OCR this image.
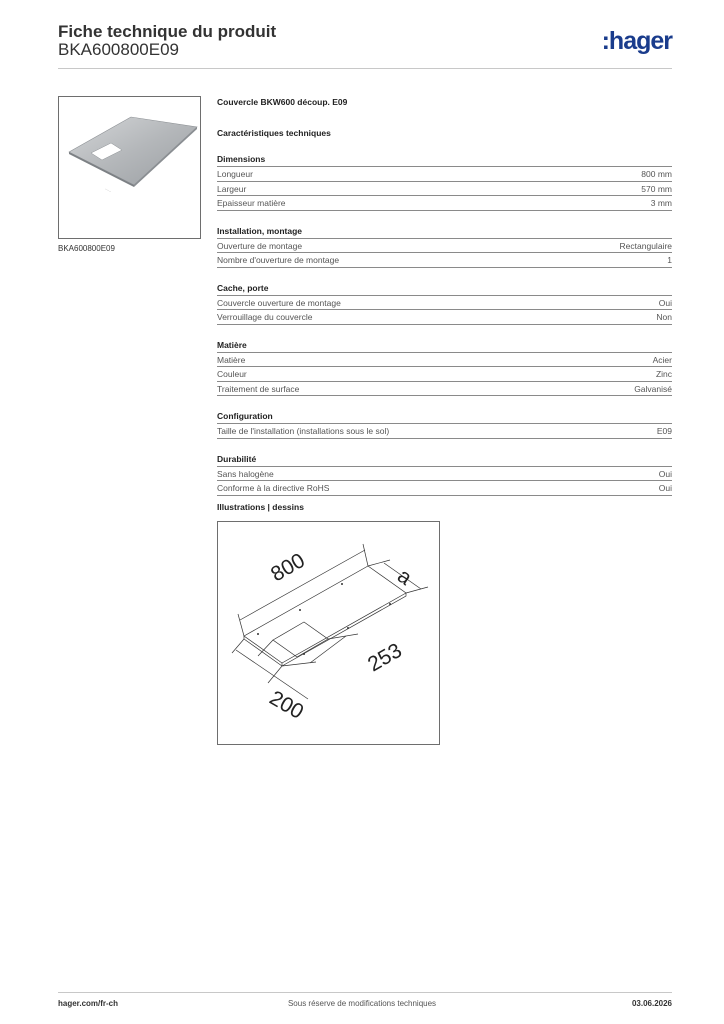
Fiche technique du produit
BKA600800E09	:hager
......
BKA600800E09
Couvercle BKW600 découp. E09
Caractéristiques techniques
Dimensions
Longueur	800 mm
Largeur	570 mm
Epaisseur matière	3 mm
Installation, montage
Ouverture de montage	Rectangulaire
Nombre d'ouverture de montage	1
Cache, porte
Couvercle ouverture de montage	Oui
Verrouillage du couvercle	Non
Matière
Matière	Acier
Couleur	Zinc
Traitement de surface	Galvanisé
Configuration
Taille de l'installation (installations sous le sol)	E09
Durabilité
Sans halogène	Oui
Conforme à la directive RoHS	Oui
Illustrations | dessins
800	a
253
200
hager.com/fr-ch	Sous réserve de modifications techniques	03.06.2026
